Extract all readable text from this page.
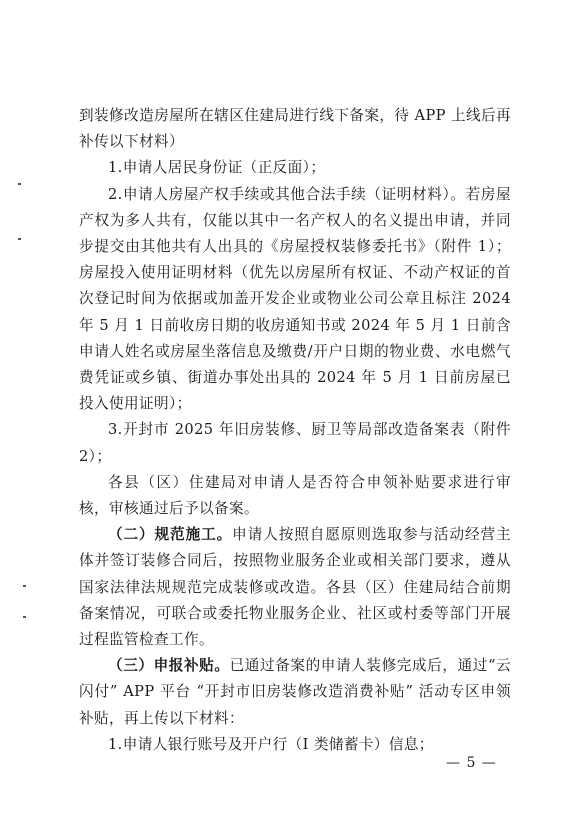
到装修改造房屋所在辖区住建局进行线下备案，待 APP 上线后再补传以下材料）

1.申请人居民身份证（正反面）；

2.申请人房屋产权手续或其他合法手续（证明材料）。若房屋产权为多人共有，仅能以其中一名产权人的名义提出申请，并同步提交由其他共有人出具的《房屋授权装修委托书》（附件 1）；房屋投入使用证明材料（优先以房屋所有权证、不动产权证的首次登记时间为依据或加盖开发企业或物业公司公章且标注 2024 年 5 月 1 日前收房日期的收房通知书或 2024 年 5 月 1 日前含申请人姓名或房屋坐落信息及缴费/开户日期的物业费、水电燃气费凭证或乡镇、街道办事处出具的 2024 年 5 月 1 日前房屋已投入使用证明）；

3.开封市 2025 年旧房装修、厨卫等局部改造备案表（附件 2）；

各县（区）住建局对申请人是否符合申领补贴要求进行审核，审核通过后予以备案。

（二）规范施工。申请人按照自愿原则选取参与活动经营主体并签订装修合同后，按照物业服务企业或相关部门要求，遵从国家法律法规规范完成装修或改造。各县（区）住建局结合前期备案情况，可联合或委托物业服务企业、社区或村委等部门开展过程监管检查工作。

（三）申报补贴。已通过备案的申请人装修完成后，通过“云闪付” APP 平台 “开封市旧房装修改造消费补贴” 活动专区申领补贴，再上传以下材料：

1.申请人银行账号及开户行（I 类储蓄卡）信息；

— 5 —
